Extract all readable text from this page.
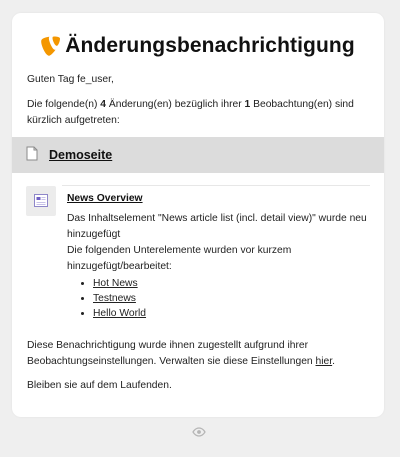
Änderungsbenachrichtigung
Guten Tag fe_user,
Die folgende(n) 4 Änderung(en) bezüglich ihrer 1 Beobachtung(en) sind kürzlich aufgetreten:
Demoseite
News Overview
Das Inhaltselement "News article list (incl. detail view)" wurde neu hinzugefügt
Die folgenden Unterelemente wurden vor kurzem hinzugefügt/bearbeitet:
• Hot News
• Testnews
• Hello World
Diese Benachrichtigung wurde ihnen zugestellt aufgrund ihrer Beobachtungseinstellungen. Verwalten sie diese Einstellungen hier.
Bleiben sie auf dem Laufenden.
